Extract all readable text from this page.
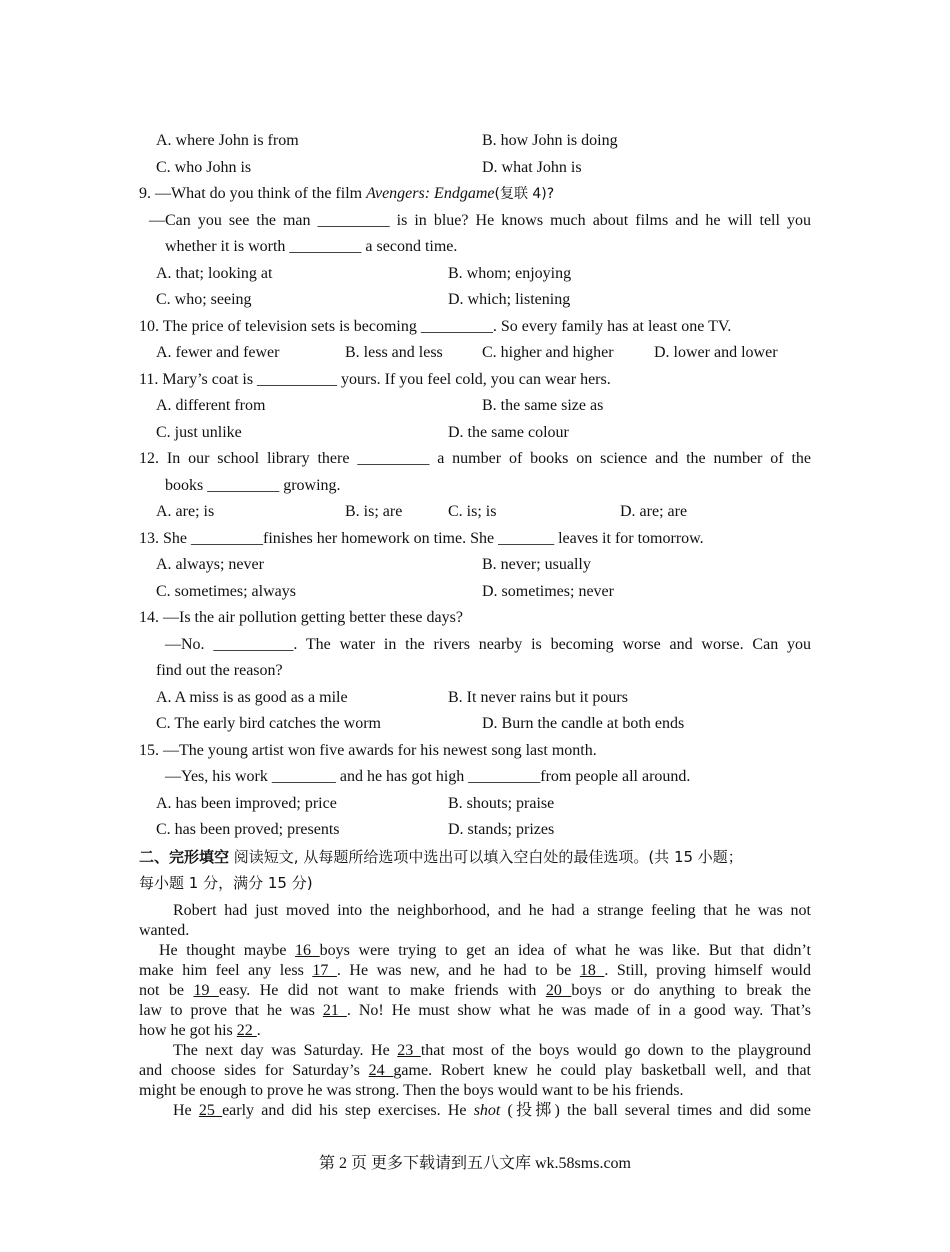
A. where John is from	B. how John is doing
C. who John is	D. what John is
9. —What do you think of the film Avengers: Endgame(复联 4)?
—Can you see the man _________ is in blue? He knows much about films and he will tell you
whether it is worth _________ a second time.
A. that; looking at	B. whom; enjoying
C. who; seeing	D. which; listening
10. The price of television sets is becoming _________. So every family has at least one TV.
A. fewer and fewer	B. less and less C. higher and higher	D. lower and lower
11. Mary’s coat is __________ yours. If you feel cold, you can wear hers.
A. different from	B. the same size as
C. just unlike	D. the same colour
12. In our school library there _________ a number of books on science and the number of the
books _________ growing.
A. are; is	B. is; are	C. is; is	D. are; are
13. She _________finishes her homework on time. She _______ leaves it for tomorrow.
A. always; never	B. never; usually
C. sometimes; always	D. sometimes; never
14. —Is the air pollution getting better these days?
—No. __________. The water in the rivers nearby is becoming worse and worse. Can you
find out the reason?
A. A miss is as good as a mile	B. It never rains but it pours
C. The early bird catches the worm	D. Burn the candle at both ends
15. —The young artist won five awards for his newest song last month.
—Yes, his work ________ and he has got high _________from people all around.
A. has been improved; price	B. shouts; praise
C. has been proved; presents	D. stands; prizes
二、完形填空 阅读短文, 从每题所给选项中选出可以填入空白处的最佳选项。(共 15 小题；
每小题 1 分，满分 15 分)
Robert had just moved into the neighborhood, and he had a strange feeling that he was not
wanted.
He thought maybe 16 boys were trying to get an idea of what he was like. But that didn’t
make him feel any less 17 . He was new, and he had to be 18 . Still, proving himself would
not be 19 easy. He did not want to make friends with 20 boys or do anything to break the
law to prove that he was 21 . No! He must show what he was made of in a good way. That’s
how he got his 22 .
The next day was Saturday. He 23 that most of the boys would go down to the playground
and choose sides for Saturday’s 24 game. Robert knew he could play basketball well, and that
might be enough to prove he was strong. Then the boys would want to be his friends.
He 25 early and did his step exercises. He shot (投掷) the ball several times and did some
第 2 页 更多下载请到五八文库 wk.58sms.com
